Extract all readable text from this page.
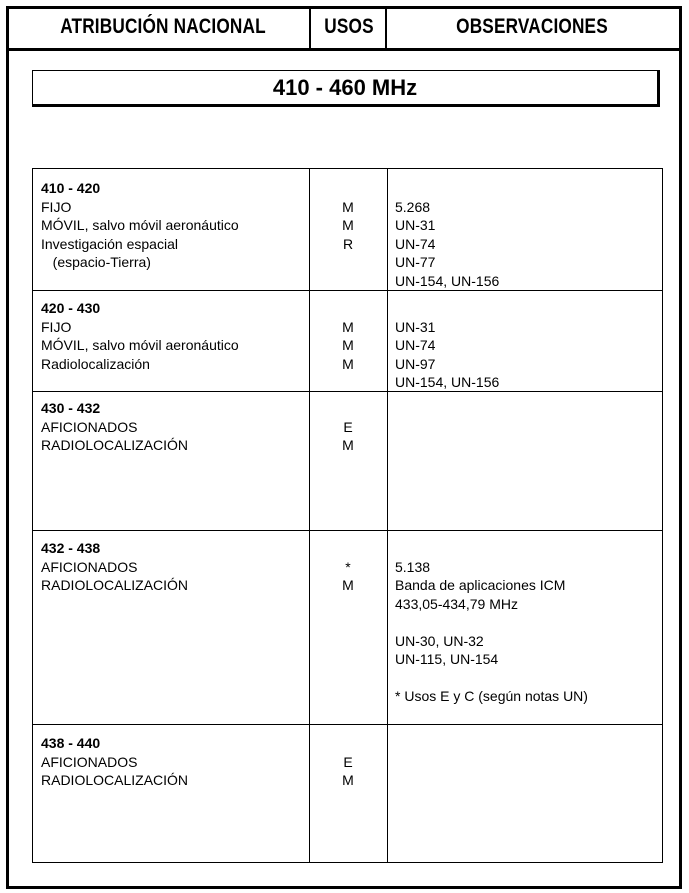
ATRIBUCIÓN NACIONAL	USOS	OBSERVACIONES
410 - 460 MHz
410 - 420
FIJO
MÓVIL, salvo móvil aeronáutico
Investigación espacial
(espacio-Tierra)
M
M
R
5.268
UN-31
UN-74
UN-77
UN-154, UN-156
420 - 430
FIJO
MÓVIL, salvo móvil aeronáutico
Radiolocalización
M
M
M
UN-31
UN-74
UN-97
UN-154, UN-156
430 - 432
AFICIONADOS
RADIOLOCALIZACIÓN
E
M
432 - 438
AFICIONADOS
RADIOLOCALIZACIÓN
*
M
5.138
Banda de aplicaciones ICM
433,05-434,79 MHz

UN-30, UN-32
UN-115, UN-154

* Usos E y C (según notas UN)
438 - 440
AFICIONADOS
RADIOLOCALIZACIÓN
E
M
